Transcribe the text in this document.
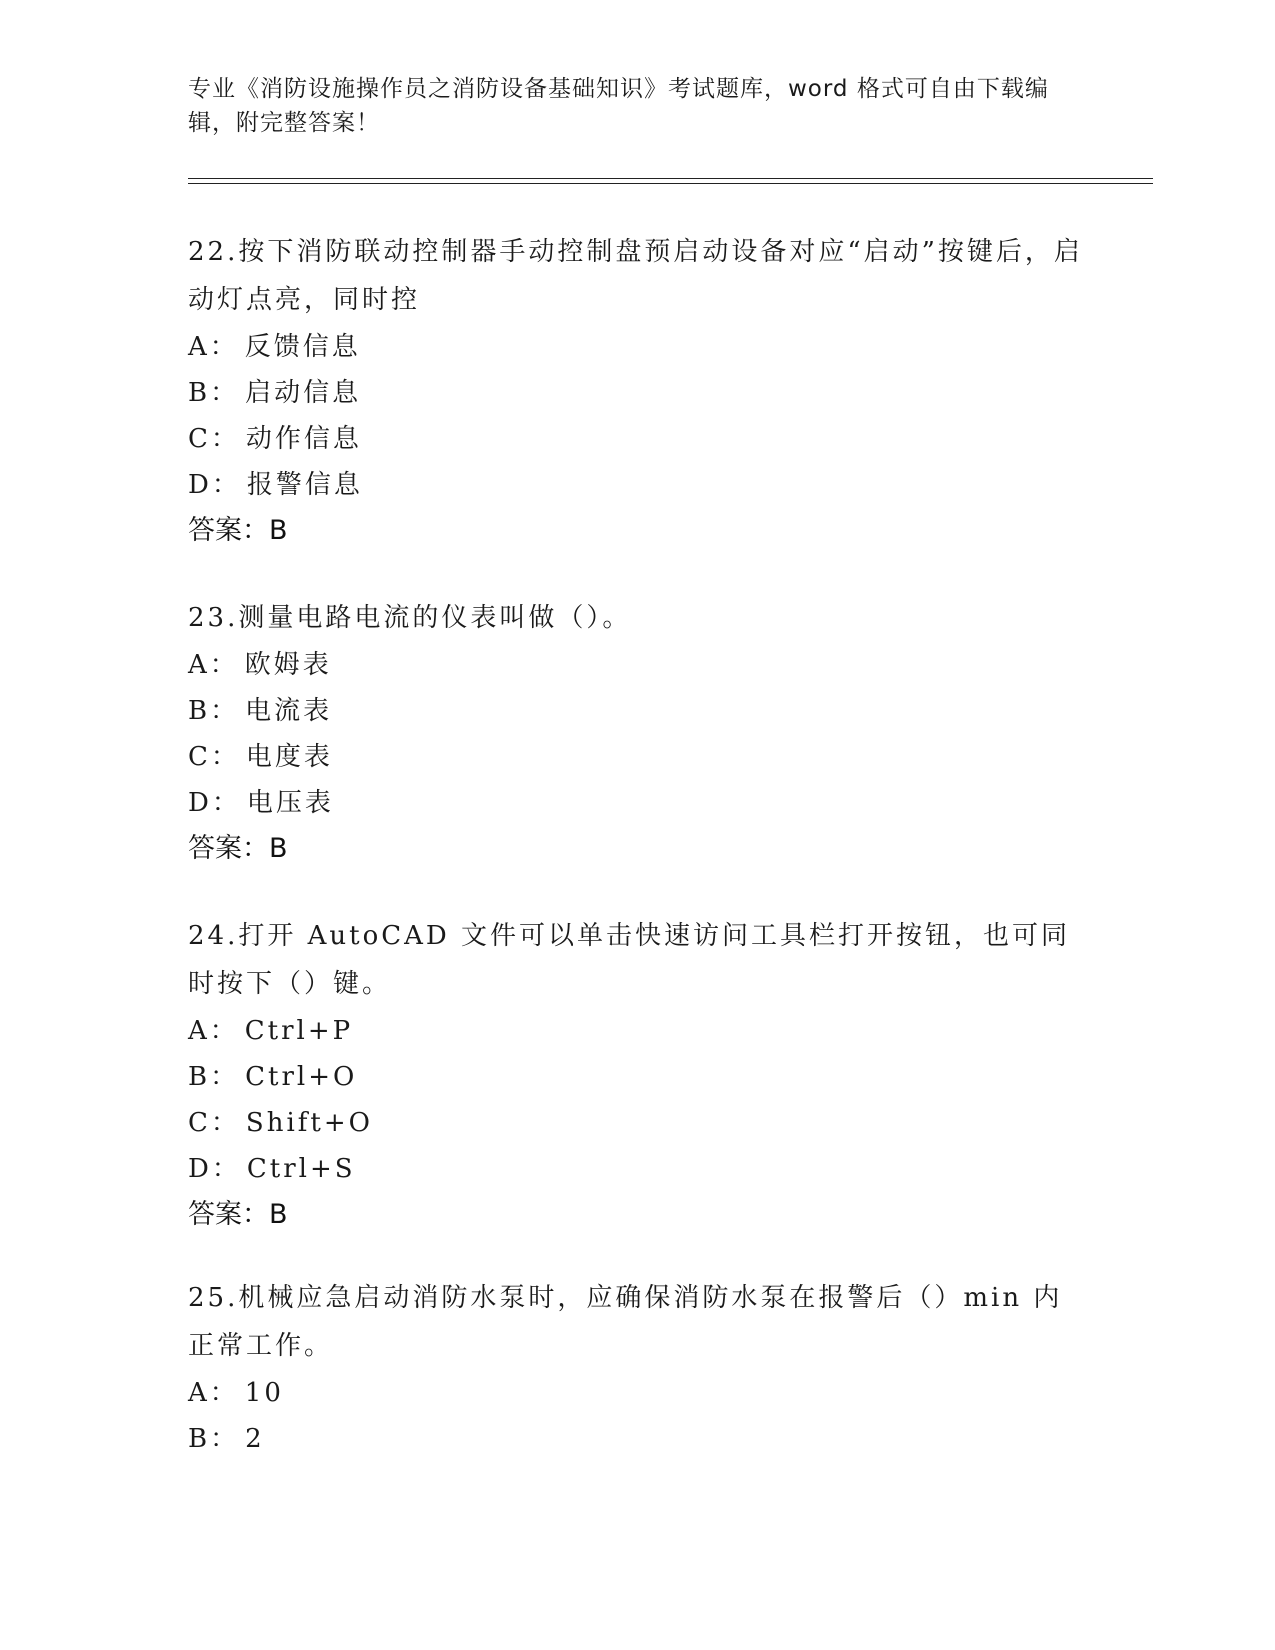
专业《消防设施操作员之消防设备基础知识》考试题库，word 格式可自由下载编辑，附完整答案！

22.按下消防联动控制器手动控制盘预启动设备对应“启动”按键后，启动灯点亮，同时控

A： 反馈信息

B： 启动信息

C： 动作信息

D： 报警信息

答案：B

23.测量电路电流的仪表叫做（）。

A： 欧姆表

B： 电流表

C： 电度表

D： 电压表

答案：B

24.打开 AutoCAD 文件可以单击快速访问工具栏打开按钮，也可同时按下（）键。

A： Ctrl+P

B： Ctrl+O

C： Shift+O

D： Ctrl+S

答案：B

25.机械应急启动消防水泵时，应确保消防水泵在报警后（）min 内正常工作。

A： 10

B： 2
